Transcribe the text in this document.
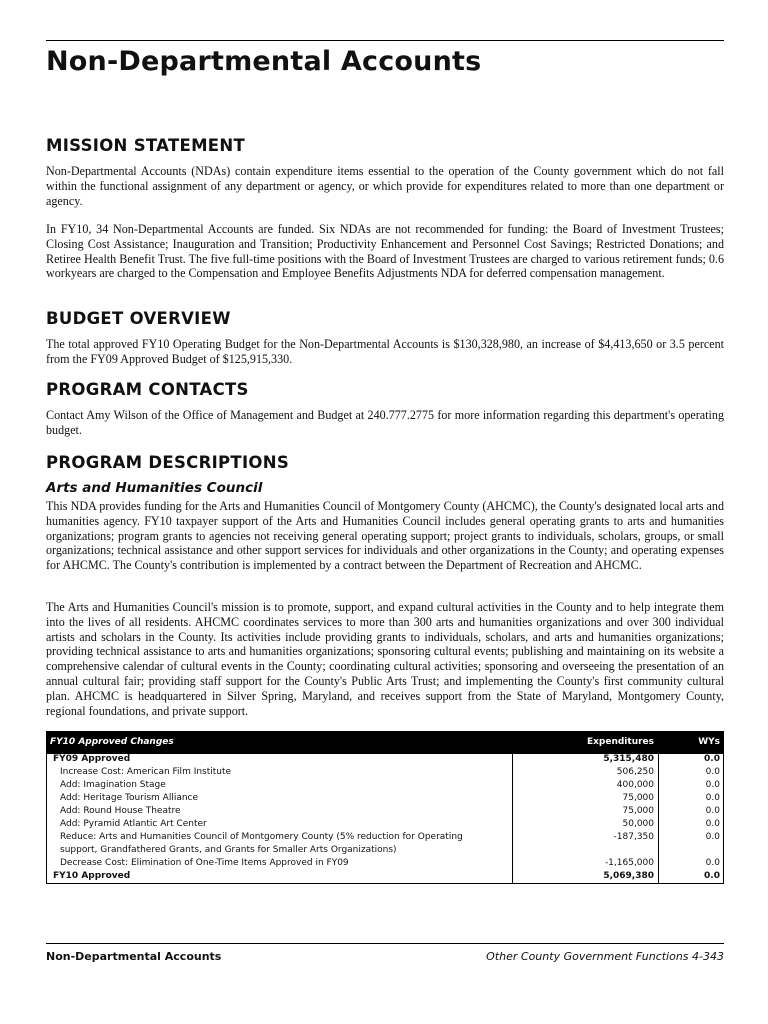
Non-Departmental Accounts
MISSION STATEMENT

Non-Departmental Accounts (NDAs) contain expenditure items essential to the operation of the County government which do not fall within the functional assignment of any department or agency, or which provide for expenditures related to more than one department or agency.

In FY10, 34 Non-Departmental Accounts are funded. Six NDAs are not recommended for funding: the Board of Investment Trustees; Closing Cost Assistance; Inauguration and Transition; Productivity Enhancement and Personnel Cost Savings; Restricted Donations; and Retiree Health Benefit Trust. The five full-time positions with the Board of Investment Trustees are charged to various retirement funds; 0.6 workyears are charged to the Compensation and Employee Benefits Adjustments NDA for deferred compensation management.

BUDGET OVERVIEW

The total approved FY10 Operating Budget for the Non-Departmental Accounts is $130,328,980, an increase of $4,413,650 or 3.5 percent from the FY09 Approved Budget of $125,915,330.

PROGRAM CONTACTS

Contact Amy Wilson of the Office of Management and Budget at 240.777.2775 for more information regarding this department's operating budget.

PROGRAM DESCRIPTIONS
Arts and Humanities Council

This NDA provides funding for the Arts and Humanities Council of Montgomery County (AHCMC), the County's designated local arts and humanities agency. FY10 taxpayer support of the Arts and Humanities Council includes general operating grants to arts and humanities organizations; program grants to agencies not receiving general operating support; project grants to individuals, scholars, groups, or small organizations; technical assistance and other support services for individuals and other organizations in the County; and operating expenses for AHCMC. The County's contribution is implemented by a contract between the Department of Recreation and AHCMC.

The Arts and Humanities Council's mission is to promote, support, and expand cultural activities in the County and to help integrate them into the lives of all residents. AHCMC coordinates services to more than 300 arts and humanities organizations and over 300 individual artists and scholars in the County. Its activities include providing grants to individuals, scholars, and arts and humanities organizations; providing technical assistance to arts and humanities organizations; sponsoring cultural events; publishing and maintaining on its website a comprehensive calendar of cultural events in the County; coordinating cultural activities; sponsoring and overseeing the presentation of an annual cultural fair; providing staff support for the County's Public Arts Trust; and implementing the County's first community cultural plan. AHCMC is headquartered in Silver Spring, Maryland, and receives support from the State of Maryland, Montgomery County, regional foundations, and private support.

FY10 Approved Changes	Expenditures	WYs
FY09 Approved	5,315,480	0.0
Increase Cost: American Film Institute	506,250	0.0
Add: Imagination Stage	400,000	0.0
Add: Heritage Tourism Alliance	75,000	0.0
Add: Round House Theatre	75,000	0.0
Add: Pyramid Atlantic Art Center	50,000	0.0
Reduce: Arts and Humanities Council of Montgomery County (5% reduction for Operating support, Grandfathered Grants, and Grants for Smaller Arts Organizations)	-187,350	0.0
Decrease Cost: Elimination of One-Time Items Approved in FY09	-1,165,000	0.0
FY10 Approved	5,069,380	0.0
Non-Departmental Accounts	Other County Government Functions 4-343
